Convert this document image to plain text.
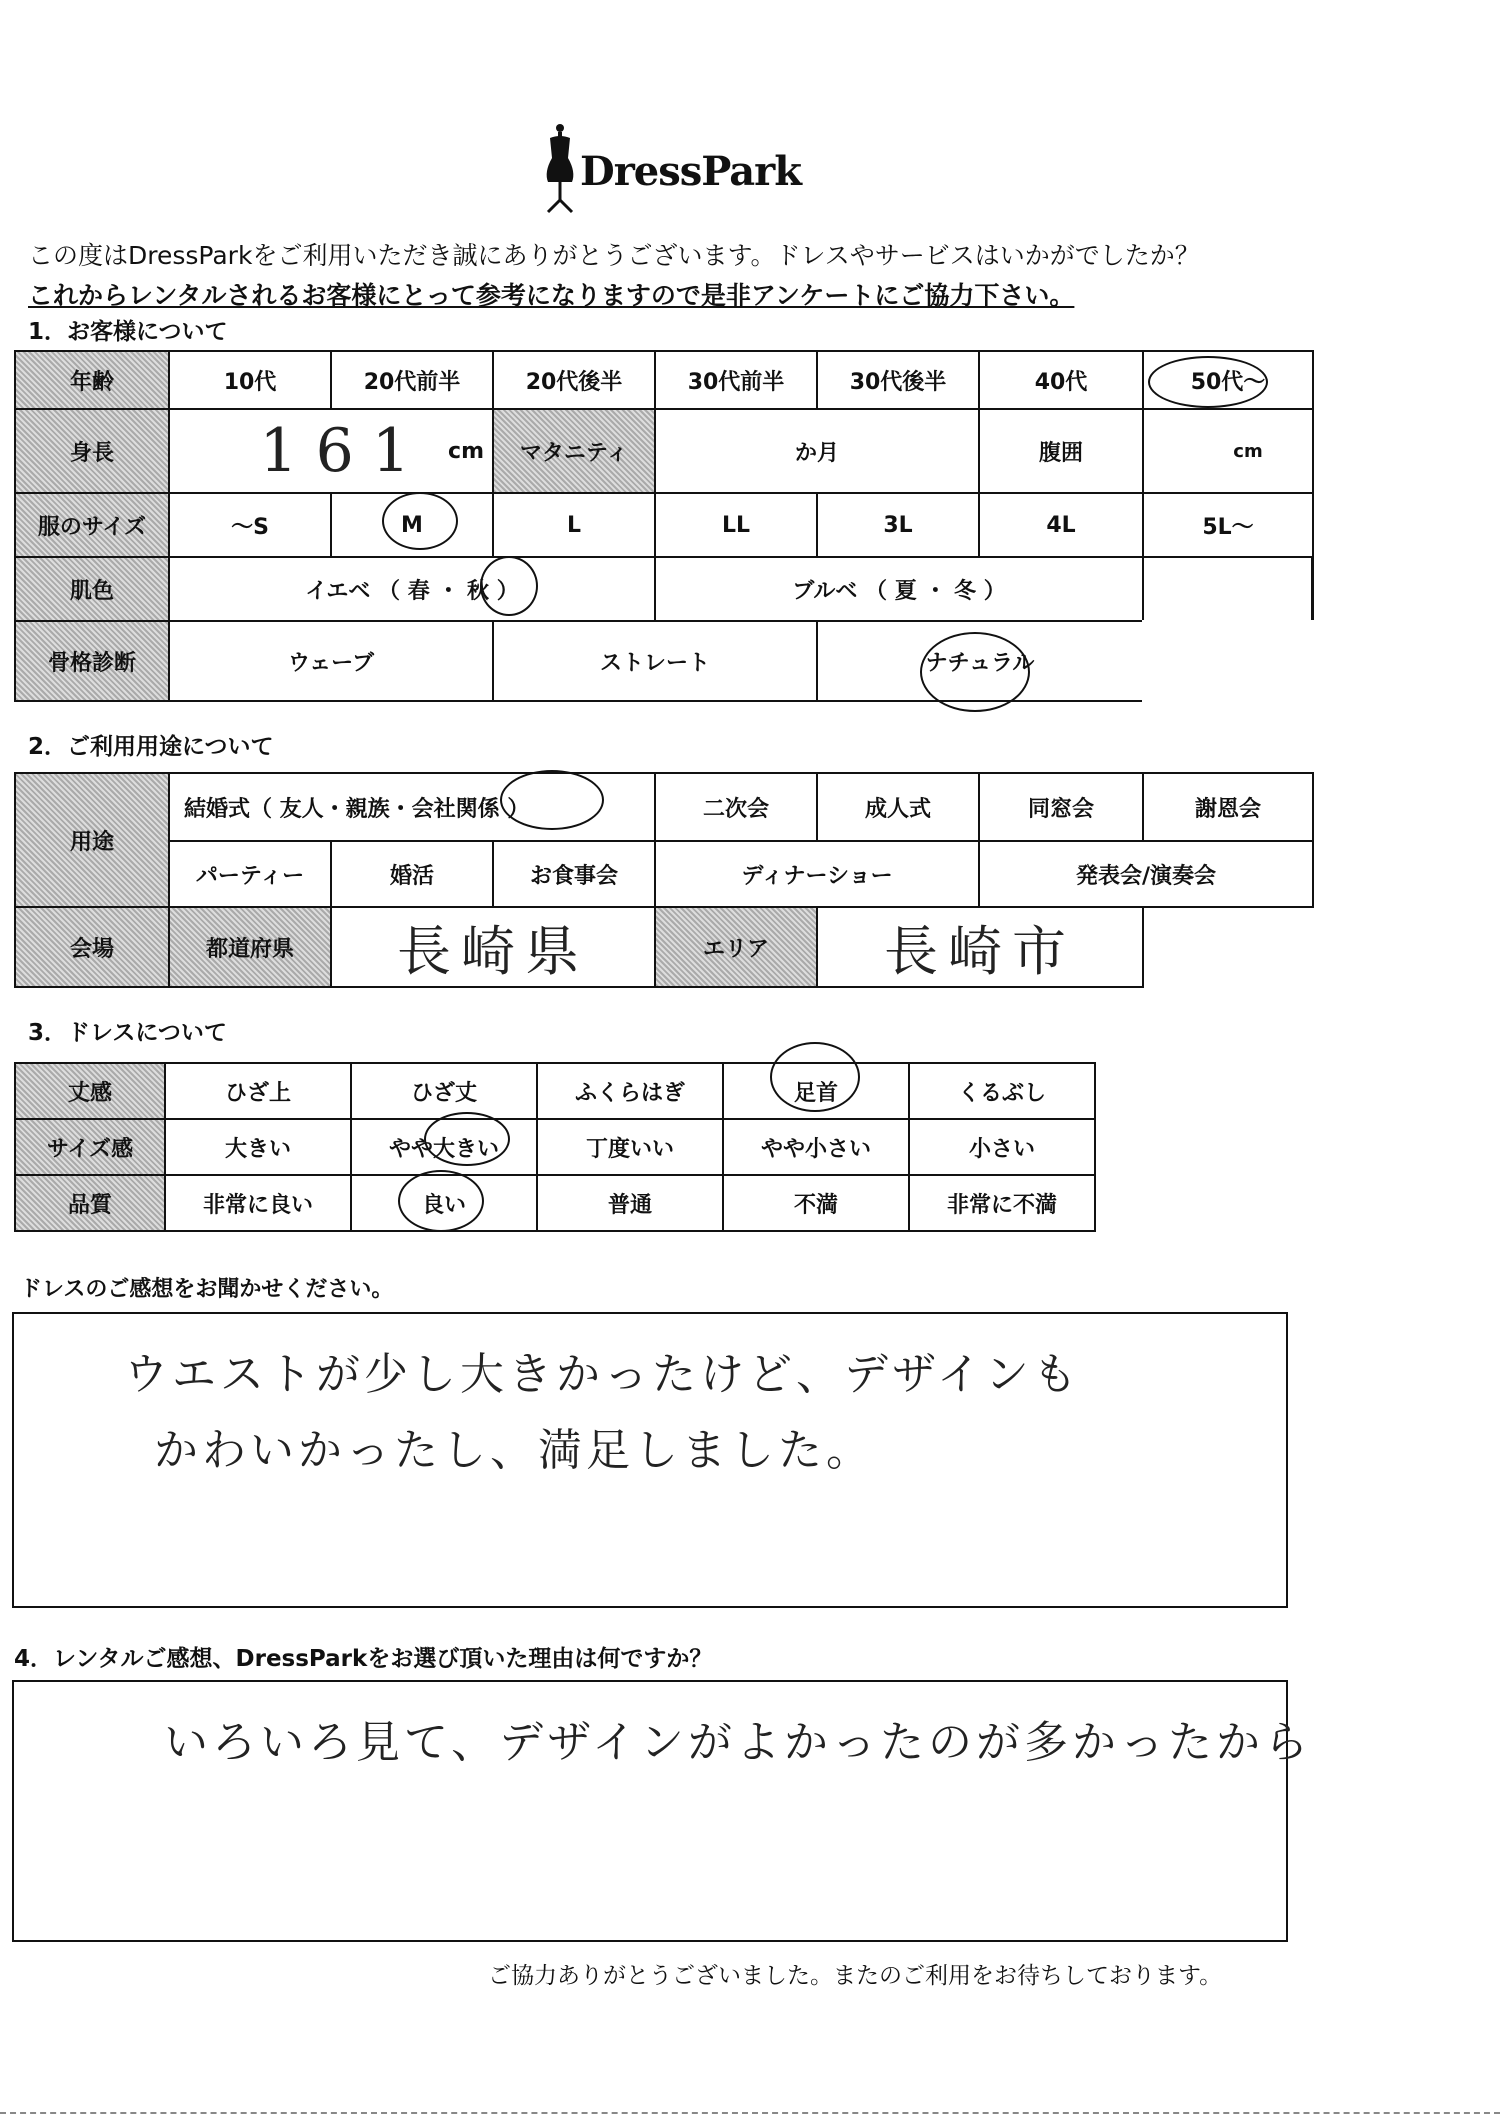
DressPark
この度はDressParkをご利用いただき誠にありがとうございます。ドレスやサービスはいかがでしたか？
これからレンタルされるお客様にとって参考になりますので是非アンケートにご協力下さい。
1．お客様について
年齢	10代	20代前半	20代後半	30代前半	30代後半	40代	50代～
身長	161 cm	マタニティ	か月	腹囲	cm
服のサイズ	～S	M	L	LL	3L	4L	5L～
肌色	イエベ （ 春 ・ 秋 ）	ブルベ （ 夏 ・ 冬 ）
骨格診断	ウェーブ	ストレート	ナチュラル
2．ご利用用途について
用途
結婚式（ 友人・親族・会社関係 ）	二次会	成人式	同窓会	謝恩会
パーティー	婚活	お食事会	ディナーショー	発表会/演奏会
会場	都道府県	長崎県	エリア	長崎市
3．ドレスについて
丈感	ひざ上	ひざ丈	ふくらはぎ	足首	くるぶし
サイズ感	大きい	やや大きい	丁度いい	やや小さい	小さい
品質	非常に良い	良い	普通	不満	非常に不満
ドレスのご感想をお聞かせください。
ウエストが少し大きかったけど、デザインも
かわいかったし、満足しました。
4．レンタルご感想、DressParkをお選び頂いた理由は何ですか？
いろいろ見て、デザインがよかったのが多かったから
ご協力ありがとうございました。またのご利用をお待ちしております。
